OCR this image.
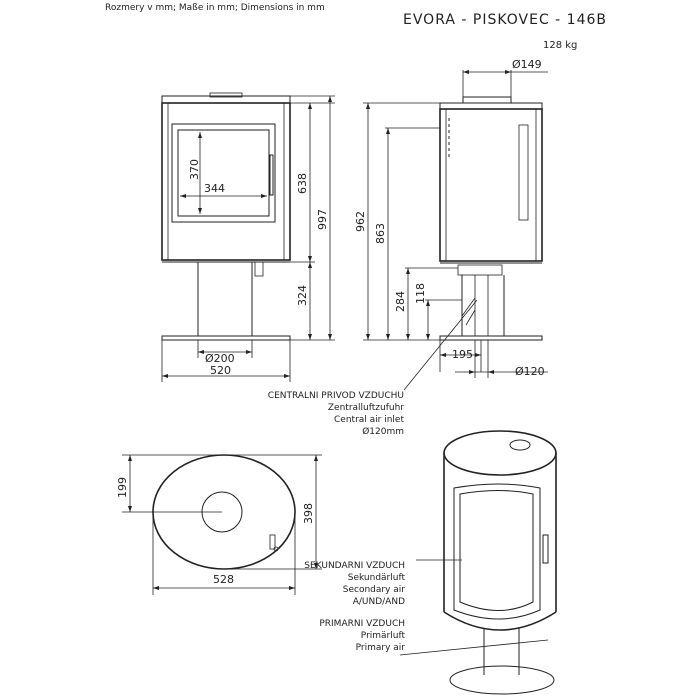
Rozmery v mm; Maße in mm; Dimensions in mm
EVORA - PISKOVEC - 146B
128 kg
344
Ø200
520
370
638
324
997
Ø149
962
863
284 118
195
Ø120
CENTRALNI PRIVOD VZDUCHU
Zentralluftzufuhr
Central air inlet
Ø120mm
199
398
528
SEKUNDARNI VZDUCH
Sekundärluft
Secondary air
A/UND/AND
PRIMARNI VZDUCH
Primärluft
Primary air
